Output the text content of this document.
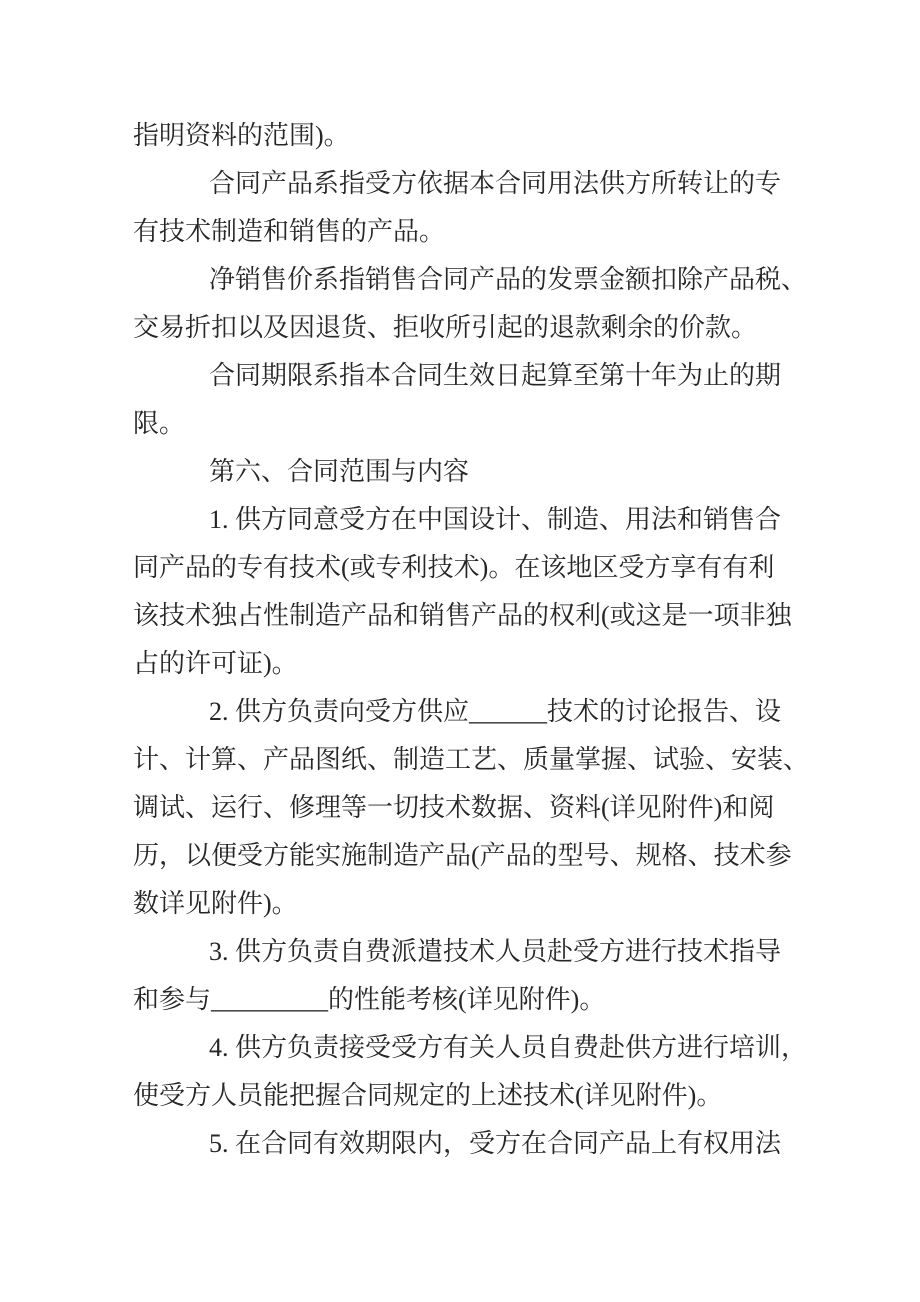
指明资料的范围)。
合同产品系指受方依据本合同用法供方所转让的专
有技术制造和销售的产品。
净销售价系指销售合同产品的发票金额扣除产品税、
交易折扣以及因退货、拒收所引起的退款剩余的价款。
合同期限系指本合同生效日起算至第十年为止的期
限。
第六、合同范围与内容
1. 供方同意受方在中国设计、制造、用法和销售合
同产品的专有技术(或专利技术)。在该地区受方享有有利
该技术独占性制造产品和销售产品的权利(或这是一项非独
占的许可证)。
2. 供方负责向受方供应______技术的讨论报告、设
计、计算、产品图纸、制造工艺、质量掌握、试验、安装、
调试、运行、修理等一切技术数据、资料(详见附件)和阅
历，以便受方能实施制造产品(产品的型号、规格、技术参
数详见附件)。
3. 供方负责自费派遣技术人员赴受方进行技术指导
和参与_________的性能考核(详见附件)。
4. 供方负责接受受方有关人员自费赴供方进行培训，
使受方人员能把握合同规定的上述技术(详见附件)。
5. 在合同有效期限内，受方在合同产品上有权用法
